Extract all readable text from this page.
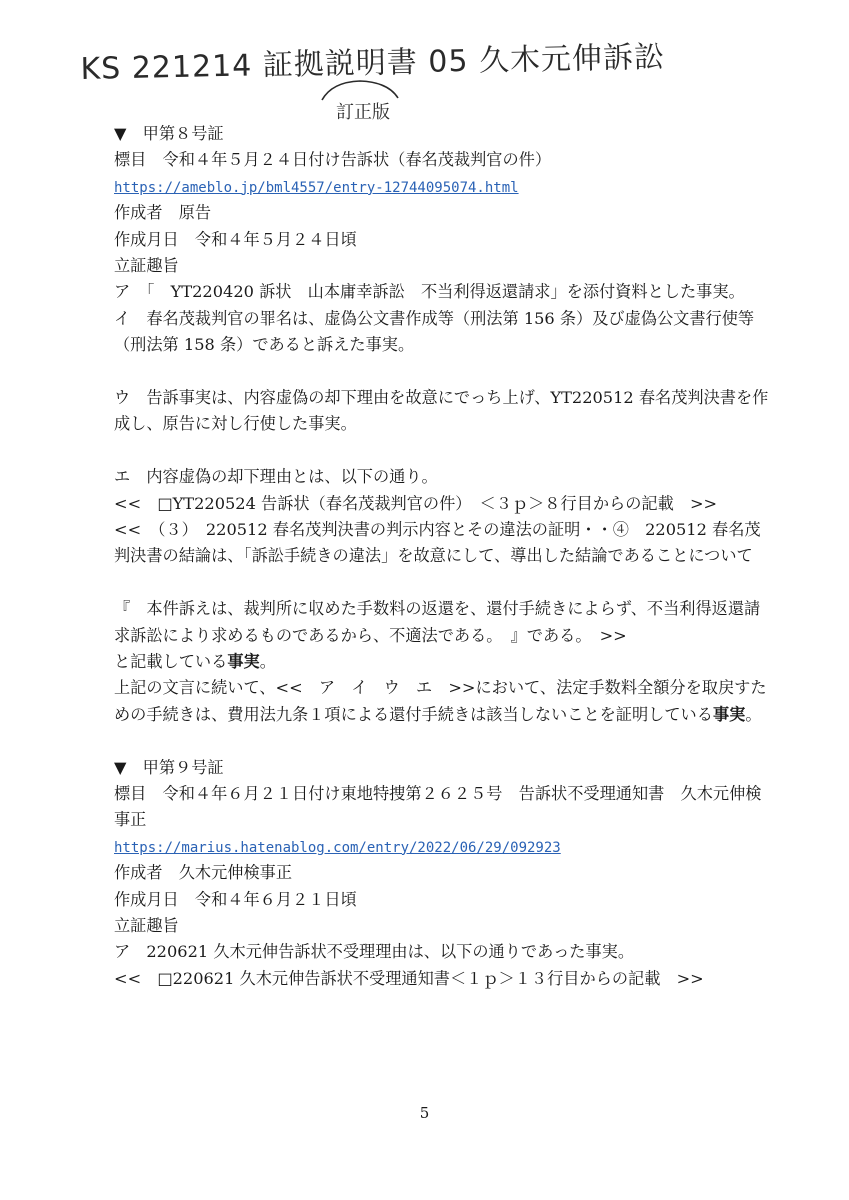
KS 221214 証拠説明書 05 久木元伸訴訟
訂正版
▼　甲第８号証
標目　令和４年５月２４日付け告訴状（春名茂裁判官の件）
https://ameblo.jp/bml4557/entry-12744095074.html
作成者　原告
作成月日　令和４年５月２４日頃
立証趣旨
ア　「　YT220420 訴状　山本庸幸訴訟　不当利得返還請求」を添付資料とした事実。
イ　春名茂裁判官の罪名は、虚偽公文書作成等（刑法第 156 条）及び虚偽公文書行使等（刑法第 158 条）であると訴えた事実。
ウ　告訴事実は、内容虚偽の却下理由を故意にでっち上げ、YT220512 春名茂判決書を作成し、原告に対し行使した事実。
エ　内容虚偽の却下理由とは、以下の通り。
<<　□YT220524 告訴状（春名茂裁判官の件）　＜３ｐ＞８行目からの記載　>>
<<　（３）　220512 春名茂判決書の判示内容とその違法の証明・・④　220512 春名茂判決書の結論は、「訴訟手続きの違法」を故意にして、導出した結論であることについて
『　本件訴えは、裁判所に収めた手数料の返還を、還付手続きによらず、不当利得返還請求訴訟により求めるものであるから、不適法である。　』である。　>>
と記載している事実。
上記の文言に続いて、<<　ア　イ　ウ　エ　>>において、法定手数料全額分を取戻すための手続きは、費用法九条１項による還付手続きは該当しないことを証明している事実。
▼　甲第９号証
標目　令和４年６月２１日付け東地特捜第２６２５号　告訴状不受理通知書　久木元伸検事正
https://marius.hatenablog.com/entry/2022/06/29/092923
作成者　久木元伸検事正
作成月日　令和４年６月２１日頃
立証趣旨
ア　220621 久木元伸告訴状不受理理由は、以下の通りであった事実。
<<　□220621 久木元伸告訴状不受理通知書＜１ｐ＞１３行目からの記載　>>
5
